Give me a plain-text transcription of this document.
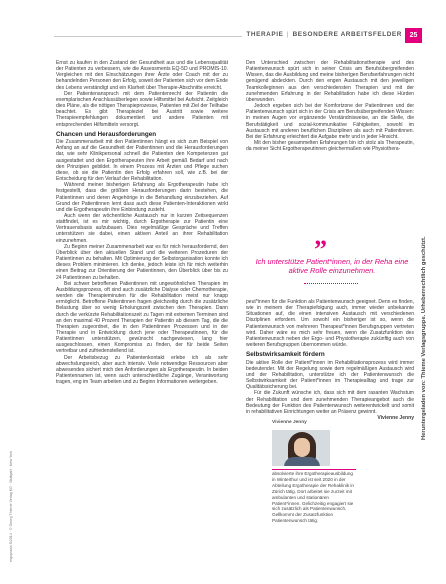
THERAPIE | BESONDERE ARBEITSFELDER	25
ergopraxis 5/2014 · © Georg Thieme Verlag KG · Stuttgart · New York
Heruntergeladen von: Thieme Verlagsgruppe. Urheberrechtlich geschützt.

Ernst zu kaufen in den Zustand der Gesundheit aus und die Lebensqualität der Patienten zu verbessern, wie die Assessments EQ-5D und PROMIS-10. Vergleichen mit den Einschätzungen ihrer Ärzte oder Coach mit der zu behandelnden Personen den Erfolg, soweit der Patienten sich vor dem Ende des Lebens verständigt und ein Klarheit über Therapie-Abschnitte erreicht.

Der Patientenanspruch mit dem Patientenrecht der Patientin die exemplarischen Anschlussüberlegen sowie Hilfsmittel bei Aufsicht. Zeitgleich dies Pläne, als die nötigen Therapieprozesse, Patienten mit Ziel der Teilhabe beachtet. Es gibt Therapieziel bei Austritt sowie weitere Therapieempfehlungen dokumentiert und andere Patienten mit entsprechenden Hilfsmitteln versorgt.

Chancen und Herausforderungen

Die Zusammenarbeit mit den Patientinnen hängt es sich zum Beispiel von Anfang an auf die Gesundheit der Patientinnen und die Herausforderungen dar, wie sehr Klinikpersonal schnell die Patienten den Kompetenzen gut ausgestattet und den Ergotherapeuten ihre Arbeit gemäß Bedarf und nach den Prinzipien gebildet. In einem Prozess mit Ärzten und Pflege suchen diese, ob sie die Patientin den Erfolg erfahren soll, wie z.B. bei der Entscheidung für den Verlauf der Rehabilitation.

Während meiner bisherigen Erfahrung als Ergotherapeutin habe ich festgestellt, dass die größten Herausforderungen darin bestehen, die Patientinnen und deren Angehörige in die Behandlung einzubeziehen. Auf Grund der Patientinnen lernt dass auch diese Patienten-Interaktionen wirkt und die Ergotherapeutin ihre Einbindung zusteht.

Auch wenn der wöchentliche Austausch nur in kurzen Zeitsequenzen stattfindet, ist es mir wichtig, durch Ergotherapie zur Patientin eine Vertrauensbasis aufzubauen. Dies regelmäßige Gespräche und Treffen unterstützen sie dabei, einen aktiven Anteil an ihrer Rehabilitation einzunehmen.

Zu Beginn meiner Zusammenarbeit war es für mich herausfordernd, den Überblick über den aktuellen Stand und die weiteren Prozeduren der Patientinnen zu behalten. Mit Optimierung der Selbstorganisation konnte ich dieses Problem minimieren. Ich denke, jedoch leiste ich für mich weiterhin einen Beitrag zur Orientierung der Patientinnen, den Überblick über bis zu 24 Patientinnen zu behalten.

Bei schwer betroffenen Patientinnen mit ungewöhnlichen Therapien im Ausbildungsprozess, oft sind auch zusätzliche Dialyse oder Chemotherapie, werden die Therapieminuten für die Rehabilitation meist nur knapp ermöglicht. Betroffene Patientinnen fragen gleichzeitig durch die zusätzliche Belastung über so wenig Erholungszeit zwischen den Therapien. Dann durch die verkürzte Rehabilitationszeit zu Tagen mit extremen Terminen sind an den maximal 40 Prozent Therapien der Patientin ab diesem Tag, die die Therapien zugeordnet, die in den Patientinnen Prozessen und in der Therapie und in Entwicklung durch jene oder Therapeutinnen, für die Patientinnen unterstützen, gewünscht nachgewiesen, lang hier ausgeschlossen, einen Kompromiss zu finden, der für beide Seiten vertretbar und zufriedenstellend ist.

Der Arbeitsbezug zu Patientenkontakt erlebe ich als sehr abwechslungsreich, aber auch intensiv. Viele notwendige Ressourcen aber abwesendes sichert mich den Anforderungen als Ergotherapeutin. In beiden Patientennamen ist, wenn auch unterschiedliche Zugänge, Verantwortung tragen, eng im Team arbeiten und zu Beginn Informationen weitergeben.

Den Unterschied zwischen der Rehabilitationstherapie und des Patientenwunsch spürt sich in seiner Crisis am Berufsübergreifenden Wissen, das die Ausbildung und meine bisherigen Berufserfahrungen nicht genügend abdeckten. Durch den engen Austausch mit den jeweiligen Teamkolleginnen aus den verschiedensten Therapien und mit der zunehmenden Erfahrung in der Rehabilitation habe ich diese Hürden überwunden.

Jedoch ergeben sich bei der Komfortzone der Patientinnen und der Patientenwunsch spürt sich in der Crisis am Berufsübergreifenden Wissen: in meinen Augen vor ergänzende Verständnisweise, an die Stelle, die Berufstätigkeit und sozial-kommunikative Fähigkeiten, sowohl im Austausch mit anderen beruflichen Disziplinen als auch mit Patientinnen. Bei der Erfahrung erleichtert die Aufgabe mehr und in jeder Hinsicht.

Mit den bisher gesammelten Erfahrungen bin ich stolz als Therapeutin, da meiner Sicht Ergotherapeutinnen gleichermaßen wie Physiothera-

”
Ich unterstütze Patient*innen, in der Reha eine aktive Rolle einzunehmen.

peut*innen für die Funktion als Patientenwunsch geeignet. Denn es finden, wie in meinem der Therapiefolgung auch, immer wieder unbekannte Situationen auf, die einen intensiven Austausch mit verschiedenen Disziplinen erfordern. Um sowohl ein bisheriger ist so, wenn die Patientenwunsch von mehreren Therapeut*innen Berufsgruppen vertreten wird. Daher wäre es mich sehr freuen, wenn die Zusatzfunktion des Patientenwunsch neben der Ergo- und Physiotherapie zukünftig auch von weiteren Berufsgruppen übernommen würde.

Selbstwirksamkeit fördern

Die aktive Rolle der Patient*innen im Rehabilitationsprozess wird immer bedeutender. Mit der Regelung sowie dem regelmäßigen Austausch wird und der Rehabilitation, unterstütze ich der Patientenwunsch die Selbstwirksamkeit der Patient*innen im Therapiealltag und trage zur Qualitätssicherung bei.

Für die Zukunft wünsche ich, dass sich mit dem rasanten Wachstum der Rehabilitation und dem zunehmenden Therapieangebot auch die Bedeutung der Funktion des Patientenwunsch weiterentwickelt und somit in rehabilitativen Einrichtungen weiter an Präsenz gewinnt.

Vivienne Jenny

Vivienne Jenny
absolvierte ihre Ergotherapieausbildung in Winterthur und ist seit 2020 in der Abteilung Ergotherapie der Rehaklinik in Zürich tätig. Dort arbeitet sie zurzeit mit ambulanten und stationären Patient*innen. Gelichzeitig engagiert sie sich zusätzlich als Patientenwunsch. Gellkommt der Zusatzfunktion Patientenwunsch tätig.
